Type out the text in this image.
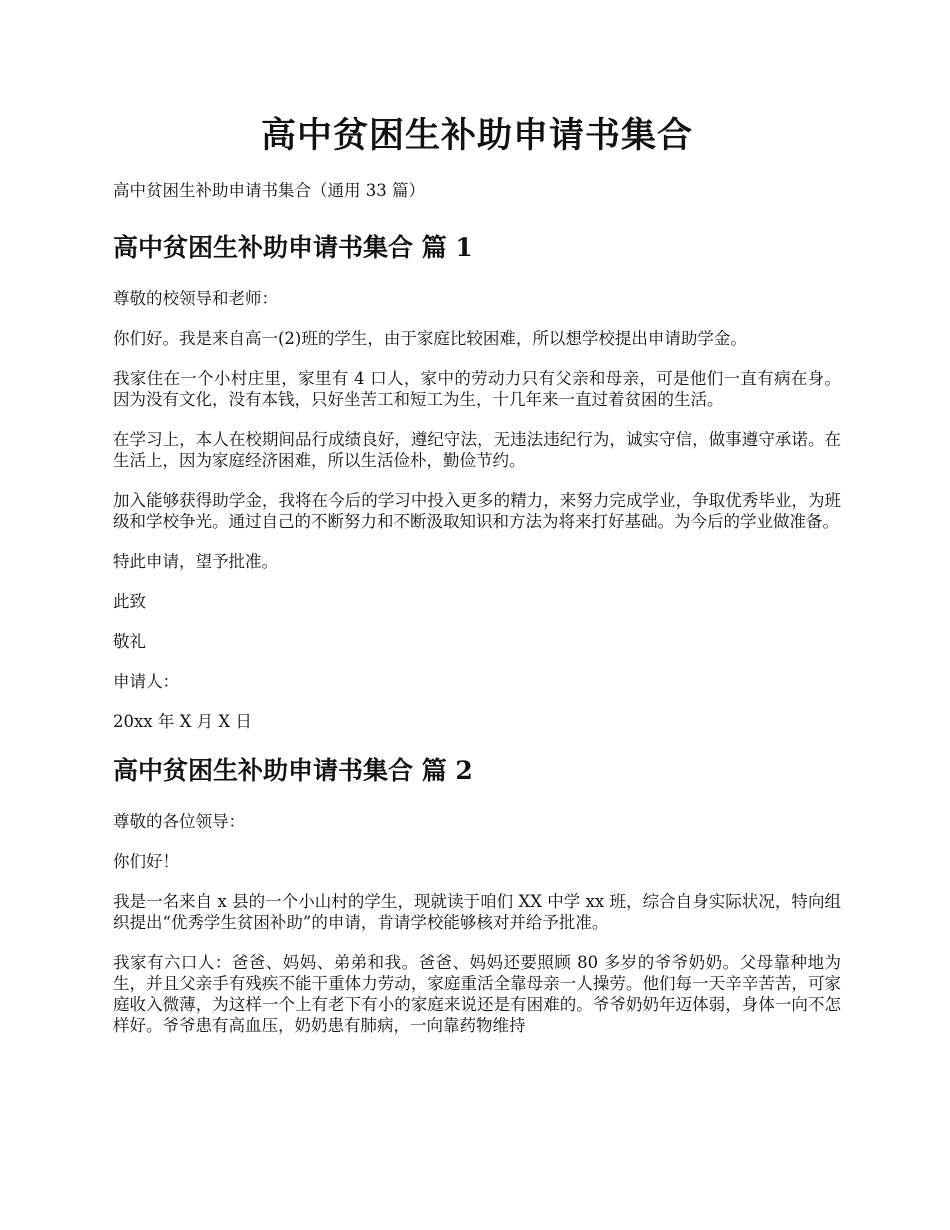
高中贫困生补助申请书集合

高中贫困生补助申请书集合（通用 33 篇）

高中贫困生补助申请书集合 篇 1

尊敬的校领导和老师：

你们好。我是来自高一(2)班的学生，由于家庭比较困难，所以想学校提出申请助学金。

我家住在一个小村庄里，家里有 4 口人，家中的劳动力只有父亲和母亲，可是他们一直有病在身。因为没有文化，没有本钱，只好坐苦工和短工为生，十几年来一直过着贫困的生活。

在学习上，本人在校期间品行成绩良好，遵纪守法，无违法违纪行为，诚实守信，做事遵守承诺。在生活上，因为家庭经济困难，所以生活俭朴，勤俭节约。

加入能够获得助学金，我将在今后的学习中投入更多的精力，来努力完成学业，争取优秀毕业，为班级和学校争光。通过自己的不断努力和不断汲取知识和方法为将来打好基础。为今后的学业做准备。

特此申请，望予批准。

此致

敬礼

申请人：

20xx 年 X 月 X 日

高中贫困生补助申请书集合 篇 2

尊敬的各位领导：

你们好！

我是一名来自 x 县的一个小山村的学生，现就读于咱们 XX 中学 xx 班，综合自身实际状况，特向组织提出“优秀学生贫困补助”的申请，肯请学校能够核对并给予批准。

我家有六口人：爸爸、妈妈、弟弟和我。爸爸、妈妈还要照顾 80 多岁的爷爷奶奶。父母靠种地为生，并且父亲手有残疾不能干重体力劳动，家庭重活全靠母亲一人操劳。他们每一天辛辛苦苦，可家庭收入微薄，为这样一个上有老下有小的家庭来说还是有困难的。爷爷奶奶年迈体弱，身体一向不怎样好。爷爷患有高血压，奶奶患有肺病，一向靠药物维持
